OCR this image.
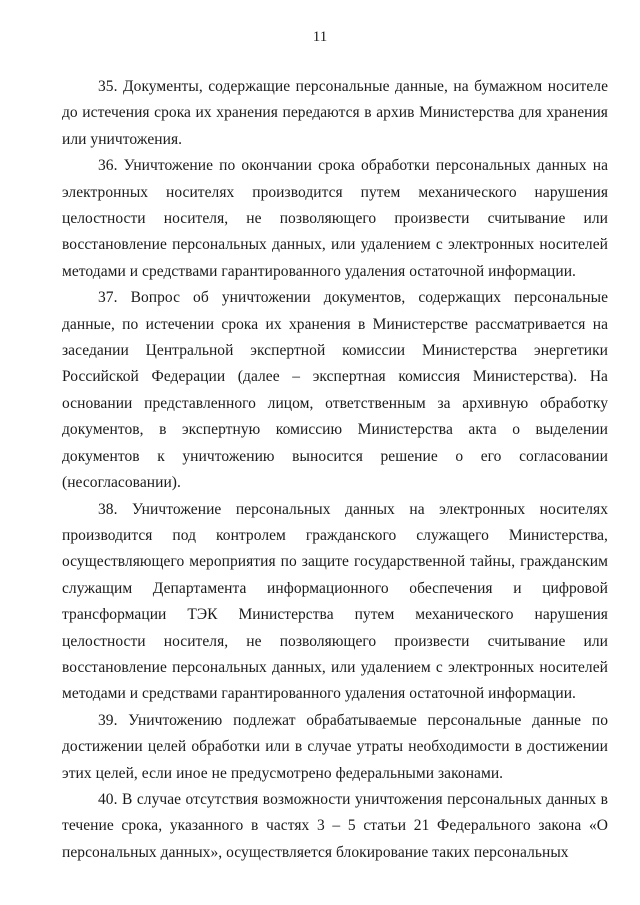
11

35. Документы, содержащие персональные данные, на бумажном носителе до истечения срока их хранения передаются в архив Министерства для хранения или уничтожения.

36. Уничтожение по окончании срока обработки персональных данных на электронных носителях производится путем механического нарушения целостности носителя, не позволяющего произвести считывание или восстановление персональных данных, или удалением с электронных носителей методами и средствами гарантированного удаления остаточной информации.

37. Вопрос об уничтожении документов, содержащих персональные данные, по истечении срока их хранения в Министерстве рассматривается на заседании Центральной экспертной комиссии Министерства энергетики Российской Федерации (далее – экспертная комиссия Министерства). На основании представленного лицом, ответственным за архивную обработку документов, в экспертную комиссию Министерства акта о выделении документов к уничтожению выносится решение о его согласовании (несогласовании).

38. Уничтожение персональных данных на электронных носителях производится под контролем гражданского служащего Министерства, осуществляющего мероприятия по защите государственной тайны, гражданским служащим Департамента информационного обеспечения и цифровой трансформации ТЭК Министерства путем механического нарушения целостности носителя, не позволяющего произвести считывание или восстановление персональных данных, или удалением с электронных носителей методами и средствами гарантированного удаления остаточной информации.

39. Уничтожению подлежат обрабатываемые персональные данные по достижении целей обработки или в случае утраты необходимости в достижении этих целей, если иное не предусмотрено федеральными законами.

40. В случае отсутствия возможности уничтожения персональных данных в течение срока, указанного в частях 3 – 5 статьи 21 Федерального закона «О персональных данных», осуществляется блокирование таких персональных
